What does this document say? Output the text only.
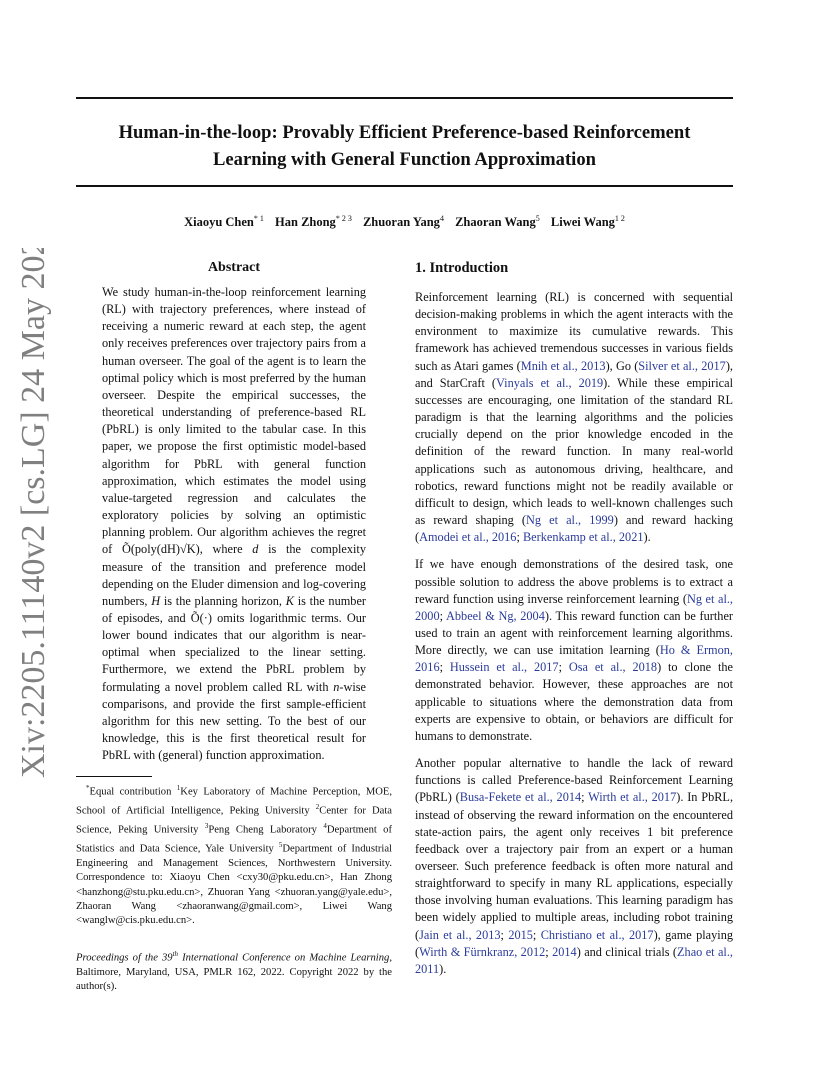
Human-in-the-loop: Provably Efficient Preference-based Reinforcement
Learning with General Function Approximation
Xiaoyu Chen$^{* 1}$ Han Zhong$^{* 2 3}$ Zhuoran Yang$^4$ Zhaoran Wang$^5$ Liwei Wang$^{1 2}$
arXiv:2205.11140v2 [cs.LG] 24 May 2022	Abstract

We study human-in-the-loop reinforcement learning (RL) with trajectory preferences, where instead of receiving a numeric reward at each step, the agent only receives preferences over trajectory pairs from a human overseer. The goal of the agent is to learn the optimal policy which is most preferred by the human overseer. Despite the empirical successes, the theoretical understanding of preference-based RL (PbRL) is only limited to the tabular case. In this paper, we propose the first optimistic model-based algorithm for PbRL with general function approximation, which estimates the model using value-targeted regression and calculates the exploratory policies by solving an optimistic planning problem. Our algorithm achieves the regret of Õ(poly(dH)√K), where d is the complexity measure of the transition and preference model depending on the Eluder dimension and log-covering numbers, H is the planning horizon, K is the number of episodes, and Õ(·) omits logarithmic terms. Our lower bound indicates that our algorithm is near-optimal when specialized to the linear setting. Furthermore, we extend the PbRL problem by formulating a novel problem called RL with n-wise comparisons, and provide the first sample-efficient algorithm for this new setting. To the best of our knowledge, this is the first theoretical result for PbRL with (general) function approximation.

*Equal contribution $^1$Key Laboratory of Machine Perception, MOE, School of Artificial Intelligence, Peking University $^2$Center for Data Science, Peking University $^3$Peng Cheng Laboratory $^4$Department of Statistics and Data Science, Yale University $^5$Department of Industrial Engineering and Management Sciences, Northwestern University. Correspondence to: Xiaoyu Chen <cxy30@pku.edu.cn>, Han Zhong <hanzhong@stu.pku.edu.cn>, Zhuoran Yang <zhuoran.yang@yale.edu>, Zhaoran Wang <zhaoranwang@gmail.com>, Liwei Wang <wanglw@cis.pku.edu.cn>.

Proceedings of the 39th International Conference on Machine Learning, Baltimore, Maryland, USA, PMLR 162, 2022. Copyright 2022 by the author(s).

1. Introduction

Reinforcement learning (RL) is concerned with sequential decision-making problems in which the agent interacts with the environment to maximize its cumulative rewards. This framework has achieved tremendous successes in various fields such as Atari games (Mnih et al., 2013), Go (Silver et al., 2017), and StarCraft (Vinyals et al., 2019). While these empirical successes are encouraging, one limitation of the standard RL paradigm is that the learning algorithms and the policies crucially depend on the prior knowledge encoded in the definition of the reward function. In many real-world applications such as autonomous driving, healthcare, and robotics, reward functions might not be readily available or difficult to design, which leads to well-known challenges such as reward shaping (Ng et al., 1999) and reward hacking (Amodei et al., 2016; Berkenkamp et al., 2021).

If we have enough demonstrations of the desired task, one possible solution to address the above problems is to extract a reward function using inverse reinforcement learning (Ng et al., 2000; Abbeel & Ng, 2004). This reward function can be further used to train an agent with reinforcement learning algorithms. More directly, we can use imitation learning (Ho & Ermon, 2016; Hussein et al., 2017; Osa et al., 2018) to clone the demonstrated behavior. However, these approaches are not applicable to situations where the demonstration data from experts are expensive to obtain, or behaviors are difficult for humans to demonstrate.

Another popular alternative to handle the lack of reward functions is called Preference-based Reinforcement Learning (PbRL) (Busa-Fekete et al., 2014; Wirth et al., 2017). In PbRL, instead of observing the reward information on the encountered state-action pairs, the agent only receives 1 bit preference feedback over a trajectory pair from an expert or a human overseer. Such preference feedback is often more natural and straightforward to specify in many RL applications, especially those involving human evaluations. This learning paradigm has been widely applied to multiple areas, including robot training (Jain et al., 2013; 2015; Christiano et al., 2017), game playing (Wirth & Fürnkranz, 2012; 2014) and clinical trials (Zhao et al., 2011).
